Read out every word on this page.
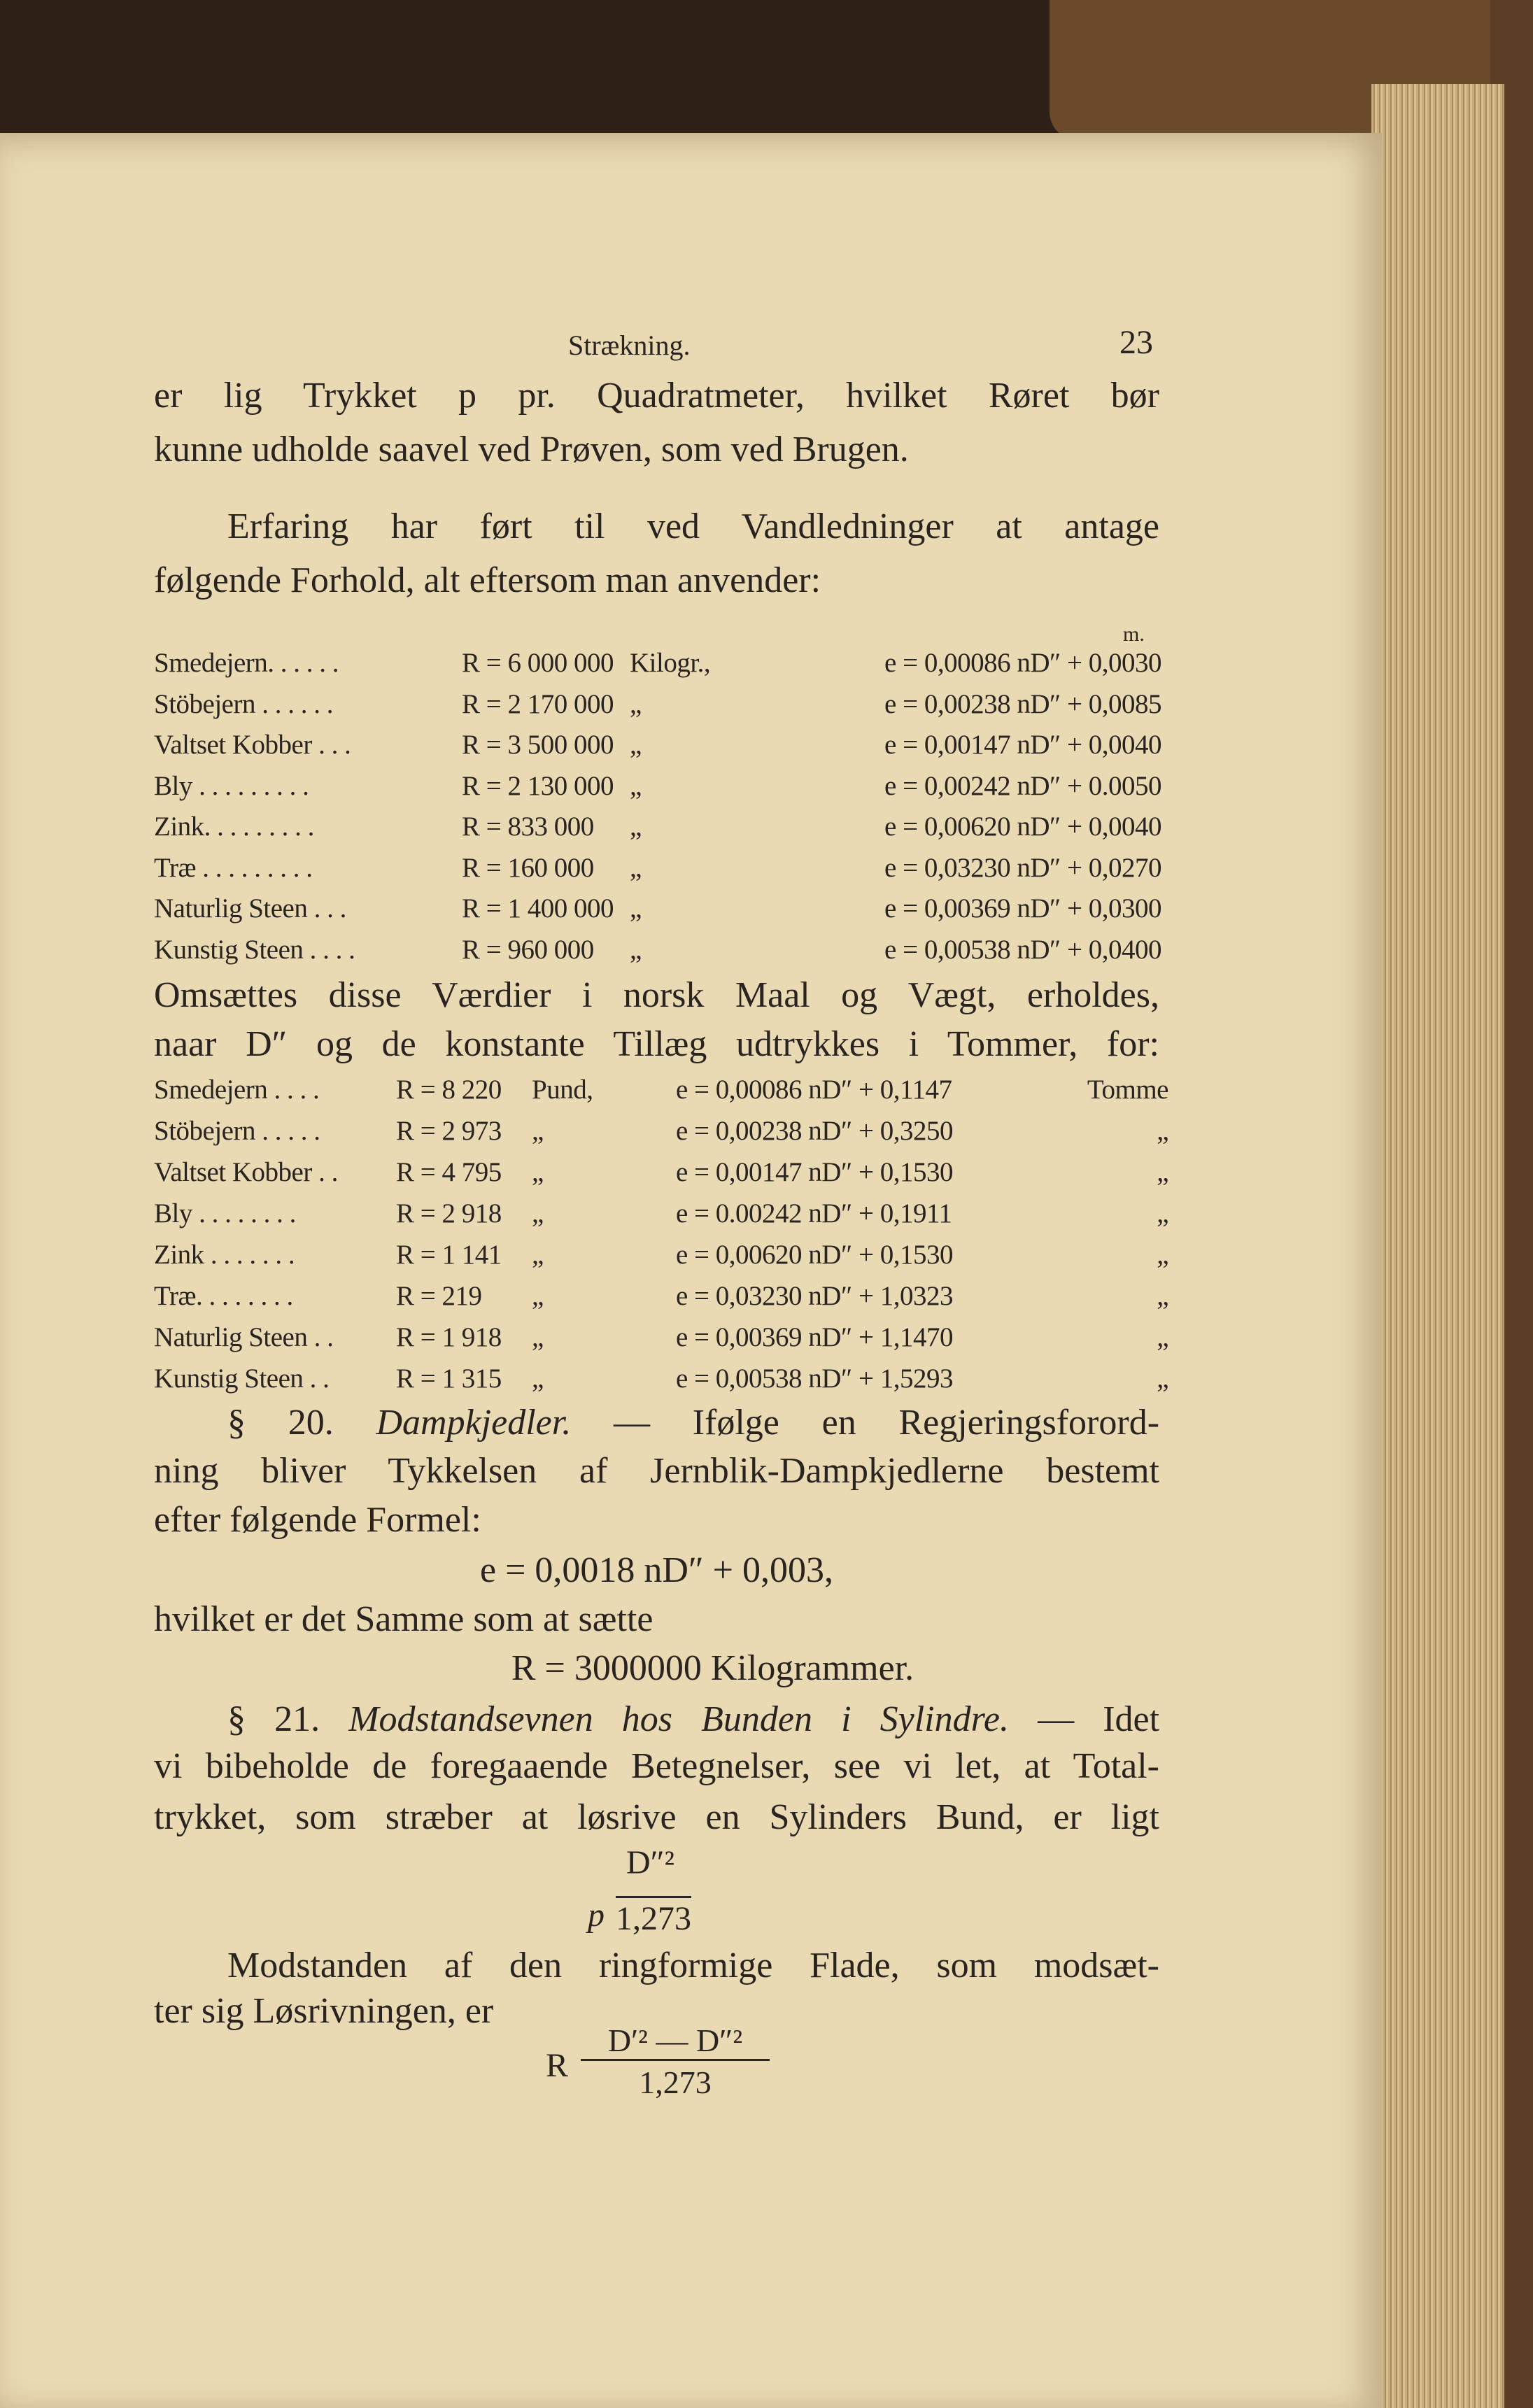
Strækning.	23
er lig Trykket p pr. Quadratmeter, hvilket Røret bør
kunne udholde saavel ved Prøven, som ved Brugen.
Erfaring har ført til ved Vandledninger at antage
følgende Forhold, alt eftersom man anvender:
m.
Smedejern. . . . . .	R = 6 000 000 Kilogr.,	e = 0,00086 nD″ + 0,0030
Stöbejern . . . . . .	R = 2 170 000 „	e = 0,00238 nD″ + 0,0085
Valtset Kobber . . .	R = 3 500 000 „	e = 0,00147 nD″ + 0,0040
Bly . . . . . . . . .	R = 2 130 000 „	e = 0,00242 nD″ + 0.0050
Zink. . . . . . . . .	R = 833 000 „	e = 0,00620 nD″ + 0,0040
Træ . . . . . . . . .	R = 160 000 „	e = 0,03230 nD″ + 0,0270
Naturlig Steen . . .	R = 1 400 000 „	e = 0,00369 nD″ + 0,0300
Kunstig Steen . . . .	R = 960 000 „	e = 0,00538 nD″ + 0,0400
Omsættes disse Værdier i norsk Maal og Vægt, erholdes,
naar D″ og de konstante Tillæg udtrykkes i Tommer, for:
Smedejern . . . .	R = 8 220 Pund,	e = 0,00086 nD″ + 0,1147	Tomme
Stöbejern . . . . .	R = 2 973 „	e = 0,00238 nD″ + 0,3250	„
Valtset Kobber . . R = 4 795 „	e = 0,00147 nD″ + 0,1530	„
Bly . . . . . . . .	R = 2 918 „	e = 0.00242 nD″ + 0,1911	„
Zink . . . . . . .	R = 1 141 „	e = 0,00620 nD″ + 0,1530	„
Træ. . . . . . . .	R = 219 „	e = 0,03230 nD″ + 1,0323	„
Naturlig Steen . . R = 1 918 „	e = 0,00369 nD″ + 1,1470	„
Kunstig Steen . . R = 1 315 „	e = 0,00538 nD″ + 1,5293	„
§ 20. Dampkjedler. — Ifølge en Regjeringsforord-
ning bliver Tykkelsen af Jernblik-Dampkjedlerne bestemt
efter følgende Formel:
e = 0,0018 nD″ + 0,003,
hvilket er det Samme som at sætte
R = 3000000 Kilogrammer.
§ 21. Modstandsevnen hos Bunden i Sylindre. — Idet
vi bibeholde de foregaaende Betegnelser, see vi let, at Total-
trykket, som stræber at løsrive en Sylinders Bund, er ligt
D″²
p 1,273
Modstanden af den ringformige Flade, som modsæt-
ter sig Løsrivningen, er
R
D′² — D″²
1,273
